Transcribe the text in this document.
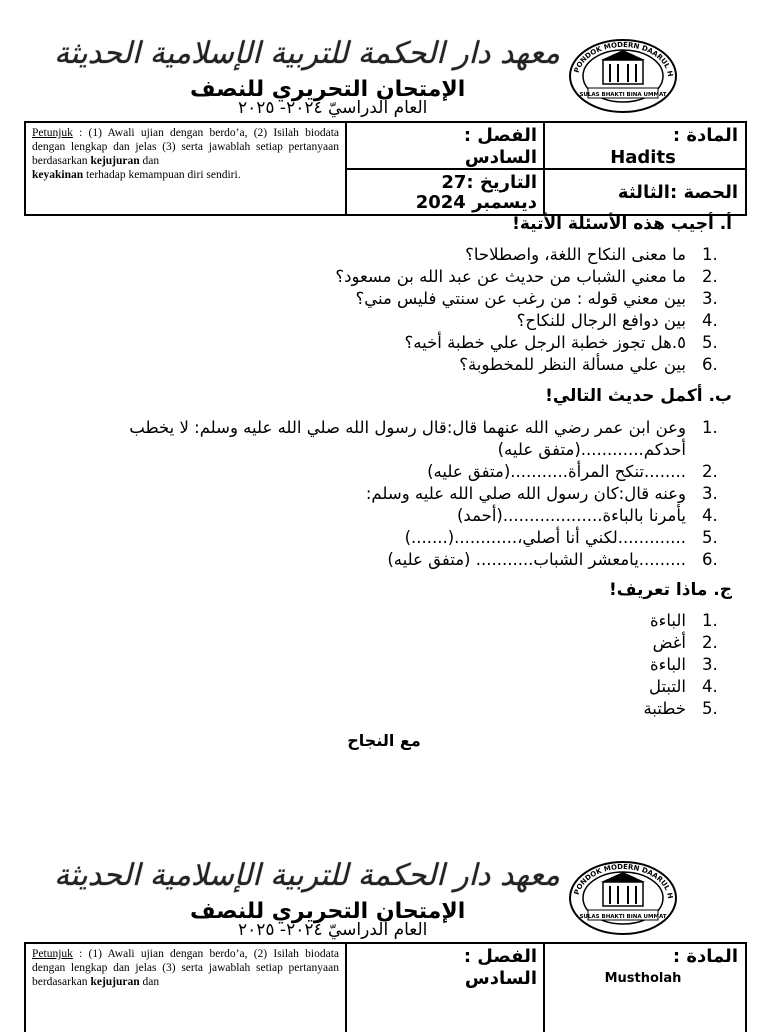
معهد دار الحكمة للتربية الإسلامية الحديثة	PONDOK MODERN DAARUL H
SULAS BHAKTI BINA UMMAT
الإمتحان التحريري للنصف
العام الدراسيّ ٢٠٢٤- ٢٠٢٥
Petunjuk : (1) Awali ujian dengan berdo’a, (2) Isilah biodata dengan lengkap dan jelas (3) serta jawablah setiap pertanyaan berdasarkan kejujuran dan
keyakinan terhadap kemampuan diri sendiri.
الفصل :
السادس
التاريخ :27
ديسمبر 2024
المادة :
Hadits
الحصة :الثالثة
أ. أجيب هذه الأسئلة الأتية!
1.
ما معنى النكاح اللغة، واصطلاحا؟
2.
ما معني الشباب من حديث عن عبد الله بن مسعود؟
3.
بين معني قوله : من رغب عن سنتي فليس مني؟
4.
بين دوافع الرجال للنكاح؟
5.
٥.هل تجوز خطبة الرجل علي خطبة أخيه؟
6.
بين علي مسألة النظر للمخطوبة؟
ب. أكمل حديث التالي!
1.
وعن ابن عمر رضي الله عنهما قال:قال رسول الله صلي الله عليه وسلم: لا يخطب أحدكم............(متفق عليه)
2.
........تنكح المرأة...........(متفق عليه)
3.
وعنه قال:كان رسول الله صلي الله عليه وسلم:
4.
يأمرنا بالباءة...................(أحمد)
5.
.............لكني أنا أصلي،............(.......)
6.
.........يامعشر الشباب........... (متفق عليه)
ج. ماذا تعريف!
1.
الباءة
2.
أغض
3.
الباءة
4.
التبتل
5.
خطتبة
مع النجاح
معهد دار الحكمة للتربية الإسلامية الحديثة	PONDOK MODERN DAARUL H
SULAS BHAKTI BINA UMMAT
الإمتحان التحريري للنصف
العام الدراسيّ ٢٠٢٤- ٢٠٢٥
Petunjuk : (1) Awali ujian dengan berdo’a, (2) Isilah biodata dengan lengkap dan jelas (3) serta jawablah setiap pertanyaan berdasarkan kejujuran dan
الفصل :
السادس
المادة :
Mustholah
